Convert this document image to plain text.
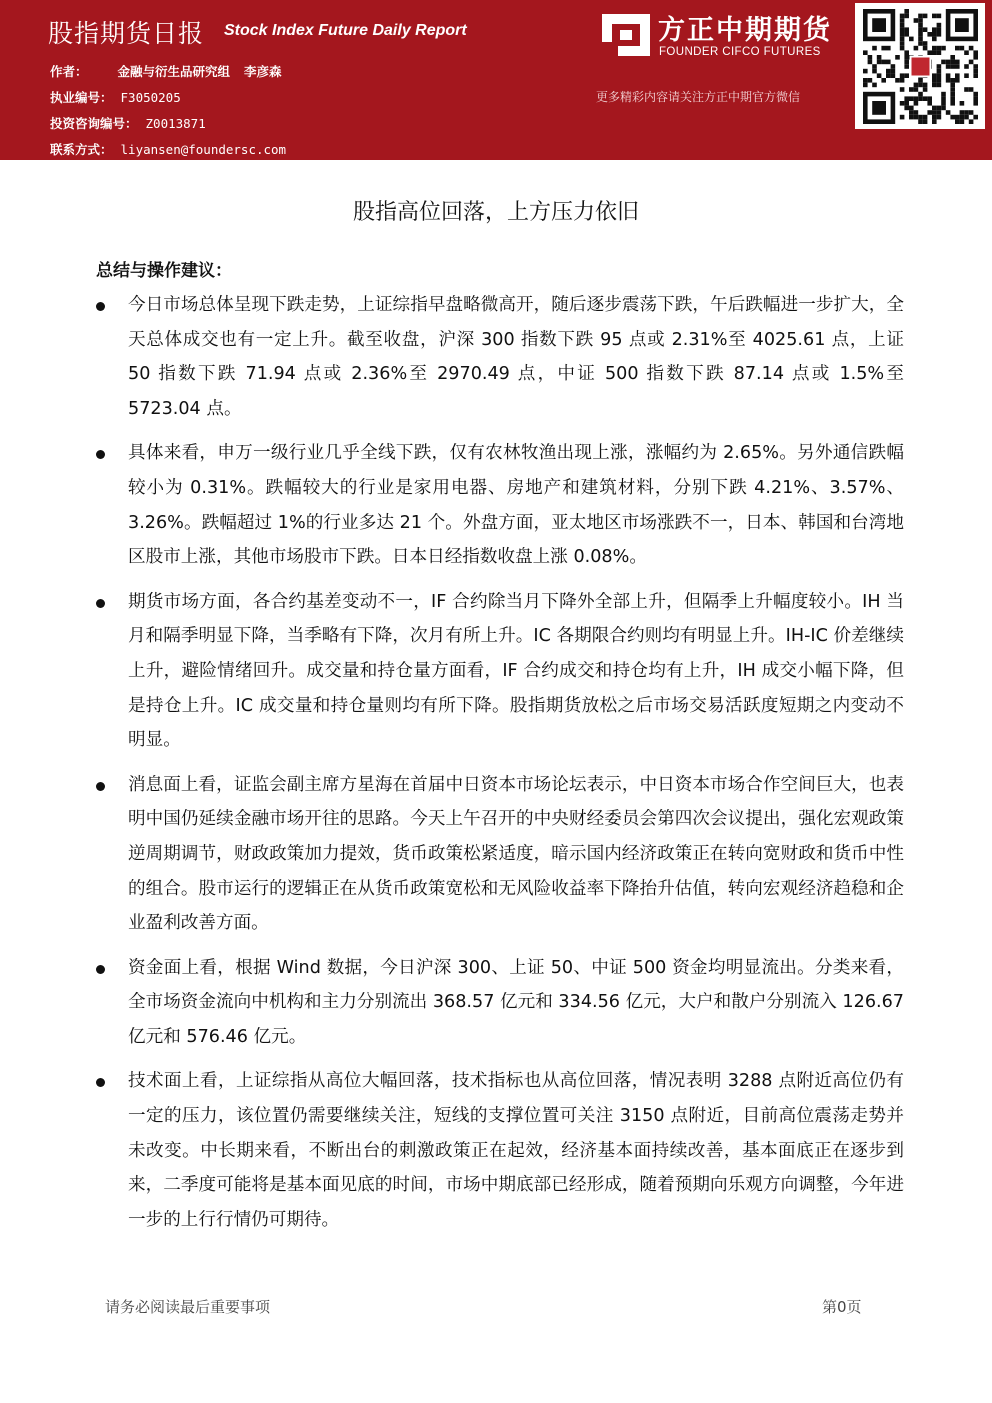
股指期货日报 Stock Index Future Daily Report
作者： 金融与衍生品研究组 李彦森
执业编号： F3050205
投资咨询编号： Z0013871
联系方式： liyansen@foundersc.com
方正中期期货
FOUNDER CIFCO FUTURES
更多精彩内容请关注方正中期官方微信
股指高位回落，上方压力依旧
总结与操作建议：
今日市场总体呈现下跌走势，上证综指早盘略微高开，随后逐步震荡下跌，午后跌幅进一步扩大，全天总体成交也有一定上升。截至收盘，沪深 300 指数下跌 95 点或 2.31%至 4025.61 点，上证 50 指数下跌 71.94 点或 2.36%至 2970.49 点，中证 500 指数下跌 87.14 点或 1.5%至 5723.04 点。
具体来看，申万一级行业几乎全线下跌，仅有农林牧渔出现上涨，涨幅约为 2.65%。另外通信跌幅较小为 0.31%。跌幅较大的行业是家用电器、房地产和建筑材料，分别下跌 4.21%、3.57%、3.26%。跌幅超过 1%的行业多达 21 个。外盘方面，亚太地区市场涨跌不一，日本、韩国和台湾地区股市上涨，其他市场股市下跌。日本日经指数收盘上涨 0.08%。
期货市场方面，各合约基差变动不一，IF 合约除当月下降外全部上升，但隔季上升幅度较小。IH 当月和隔季明显下降，当季略有下降，次月有所上升。IC 各期限合约则均有明显上升。IH-IC 价差继续上升，避险情绪回升。成交量和持仓量方面看，IF 合约成交和持仓均有上升，IH 成交小幅下降，但是持仓上升。IC 成交量和持仓量则均有所下降。股指期货放松之后市场交易活跃度短期之内变动不明显。
消息面上看，证监会副主席方星海在首届中日资本市场论坛表示，中日资本市场合作空间巨大，也表明中国仍延续金融市场开往的思路。今天上午召开的中央财经委员会第四次会议提出，强化宏观政策逆周期调节，财政政策加力提效，货币政策松紧适度，暗示国内经济政策正在转向宽财政和货币中性的组合。股市运行的逻辑正在从货币政策宽松和无风险收益率下降抬升估值，转向宏观经济趋稳和企业盈利改善方面。
资金面上看，根据 Wind 数据，今日沪深 300、上证 50、中证 500 资金均明显流出。分类来看，全市场资金流向中机构和主力分别流出 368.57 亿元和 334.56 亿元，大户和散户分别流入 126.67 亿元和 576.46 亿元。
技术面上看，上证综指从高位大幅回落，技术指标也从高位回落，情况表明 3288 点附近高位仍有一定的压力，该位置仍需要继续关注，短线的支撑位置可关注 3150 点附近，目前高位震荡走势并未改变。中长期来看，不断出台的刺激政策正在起效，经济基本面持续改善，基本面底正在逐步到来，二季度可能将是基本面见底的时间，市场中期底部已经形成，随着预期向乐观方向调整，今年进一步的上行行情仍可期待。
请务必阅读最后重要事项	第0页
